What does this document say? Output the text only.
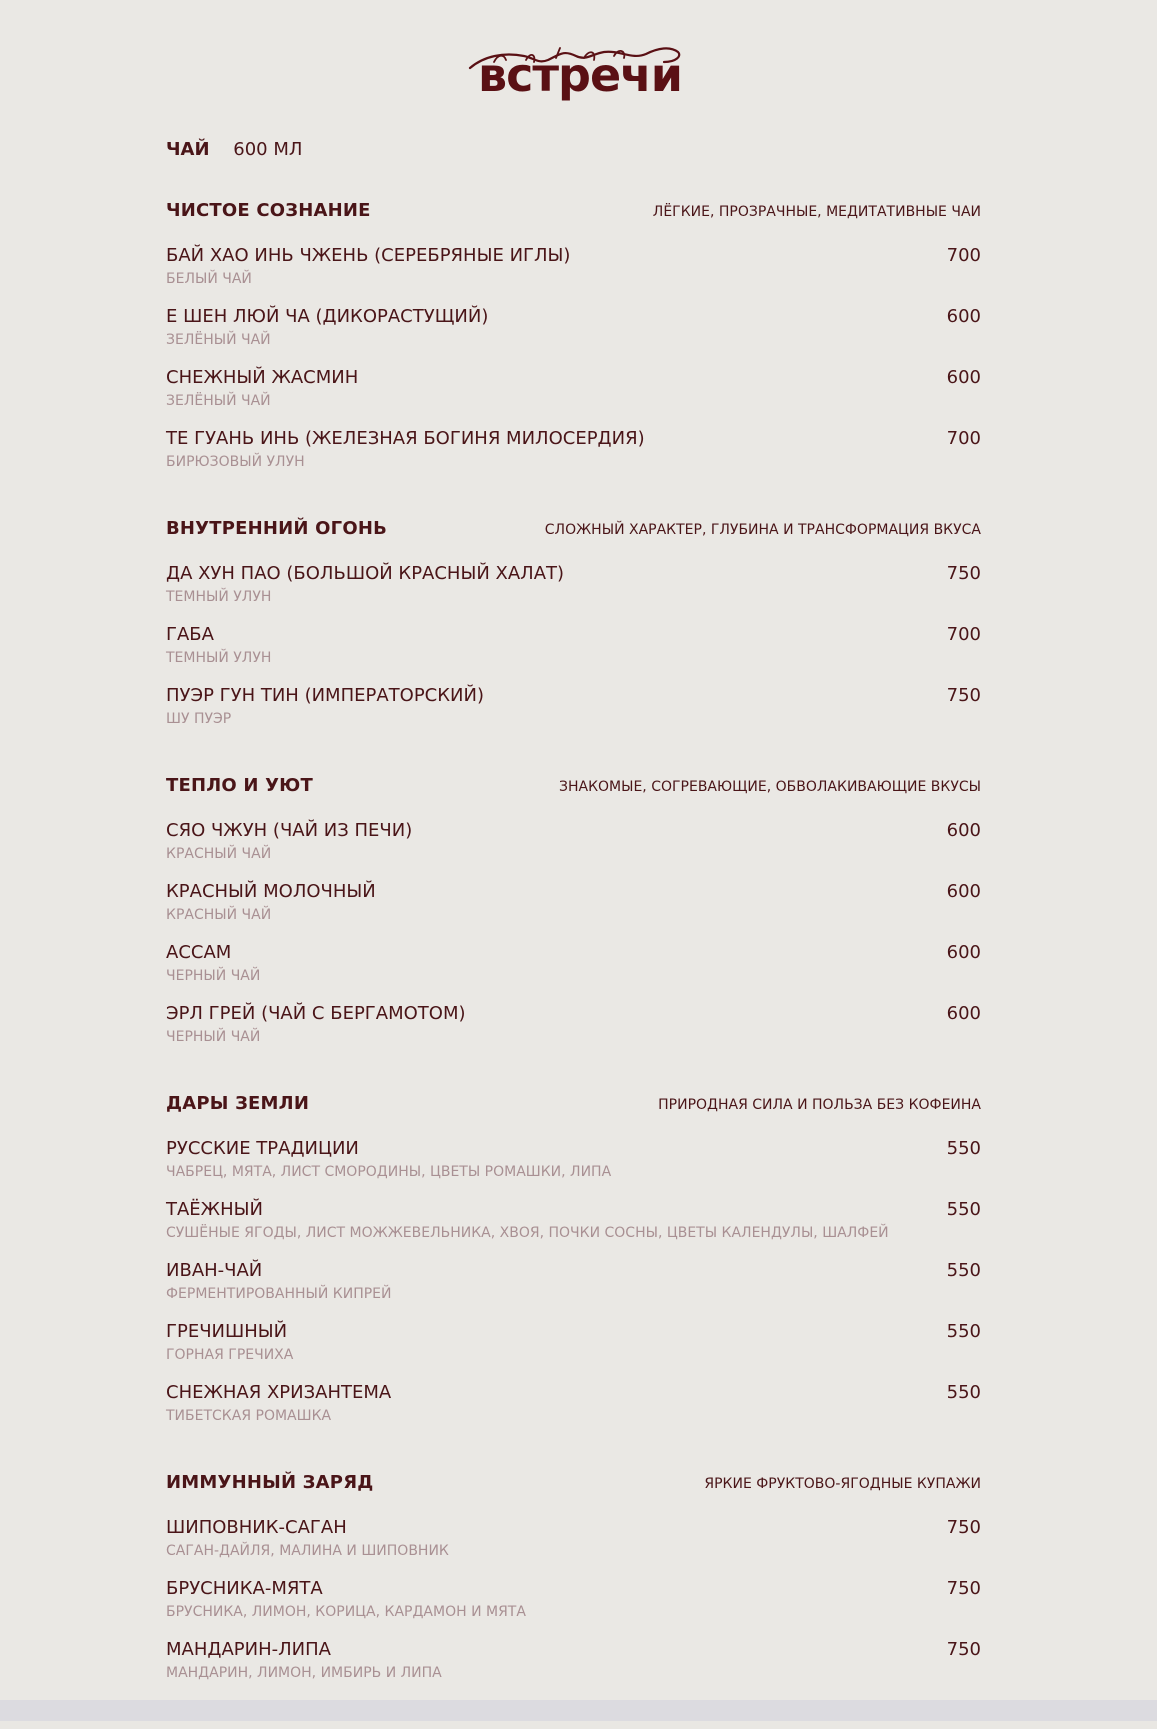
встречи
ЧАЙ 600 МЛ
ЧИСТОЕ СОЗНАНИЕ	ЛЁГКИЕ, ПРОЗРАЧНЫЕ, МЕДИТАТИВНЫЕ ЧАИ
БАЙ ХАО ИНЬ ЧЖЕНЬ (СЕРЕБРЯНЫЕ ИГЛЫ)	700
БЕЛЫЙ ЧАЙ
Е ШЕН ЛЮЙ ЧА (ДИКОРАСТУЩИЙ)	600
ЗЕЛЁНЫЙ ЧАЙ
СНЕЖНЫЙ ЖАСМИН	600
ЗЕЛЁНЫЙ ЧАЙ
ТЕ ГУАНЬ ИНЬ (ЖЕЛЕЗНАЯ БОГИНЯ МИЛОСЕРДИЯ)	700
БИРЮЗОВЫЙ УЛУН
ВНУТРЕННИЙ ОГОНЬ	СЛОЖНЫЙ ХАРАКТЕР, ГЛУБИНА И ТРАНСФОРМАЦИЯ ВКУСА
ДА ХУН ПАО (БОЛЬШОЙ КРАСНЫЙ ХАЛАТ)	750
ТЕМНЫЙ УЛУН
ГАБА	700
ТЕМНЫЙ УЛУН
ПУЭР ГУН ТИН (ИМПЕРАТОРСКИЙ)	750
ШУ ПУЭР
ТЕПЛО И УЮТ	ЗНАКОМЫЕ, СОГРЕВАЮЩИЕ, ОБВОЛАКИВАЮЩИЕ ВКУСЫ
СЯО ЧЖУН (ЧАЙ ИЗ ПЕЧИ)	600
КРАСНЫЙ ЧАЙ
КРАСНЫЙ МОЛОЧНЫЙ	600
КРАСНЫЙ ЧАЙ
АССАМ	600
ЧЕРНЫЙ ЧАЙ
ЭРЛ ГРЕЙ (ЧАЙ С БЕРГАМОТОМ)	600
ЧЕРНЫЙ ЧАЙ
ДАРЫ ЗЕМЛИ	ПРИРОДНАЯ СИЛА И ПОЛЬЗА БЕЗ КОФЕИНА
РУССКИЕ ТРАДИЦИИ	550
ЧАБРЕЦ, МЯТА, ЛИСТ СМОРОДИНЫ, ЦВЕТЫ РОМАШКИ, ЛИПА
ТАЁЖНЫЙ	550
СУШЁНЫЕ ЯГОДЫ, ЛИСТ МОЖЖЕВЕЛЬНИКА, ХВОЯ, ПОЧКИ СОСНЫ, ЦВЕТЫ КАЛЕНДУЛЫ, ШАЛФЕЙ
ИВАН-ЧАЙ	550
ФЕРМЕНТИРОВАННЫЙ КИПРЕЙ
ГРЕЧИШНЫЙ	550
ГОРНАЯ ГРЕЧИХА
СНЕЖНАЯ ХРИЗАНТЕМА	550
ТИБЕТСКАЯ РОМАШКА
ИММУННЫЙ ЗАРЯД	ЯРКИЕ ФРУКТОВО-ЯГОДНЫЕ КУПАЖИ
ШИПОВНИК-САГАН	750
САГАН-ДАЙЛЯ, МАЛИНА И ШИПОВНИК
БРУСНИКА-МЯТА	750
БРУСНИКА, ЛИМОН, КОРИЦА, КАРДАМОН И МЯТА
МАНДАРИН-ЛИПА	750
МАНДАРИН, ЛИМОН, ИМБИРЬ И ЛИПА
